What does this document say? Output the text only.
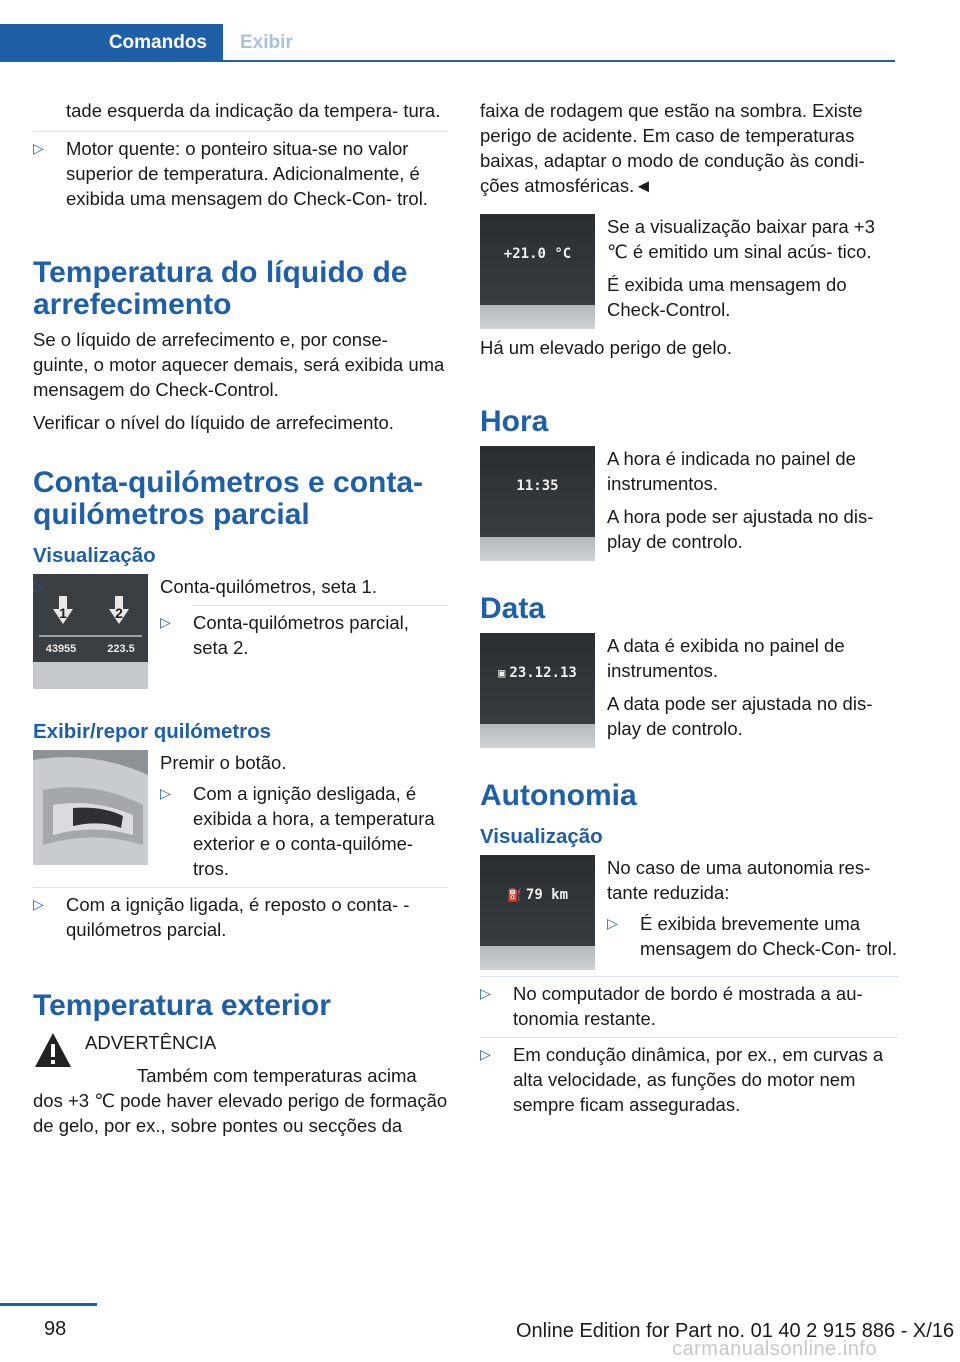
Comandos	Exibir

tade esquerda da indicação da tempera‐ tura.

▷ Motor quente: o ponteiro situa-se no valor superior de temperatura. Adicionalmente, é exibida uma mensagem do Check-Con‐ trol.
Temperatura do líquido de arrefecimento

Se o líquido de arrefecimento e, por conse‐ guinte, o motor aquecer demais, será exibida uma mensagem do Check-Control.

Verificar o nível do líquido de arrefecimento.

Conta-quilómetros e conta- quilómetros parcial
Visualização
1	2
43955	223.5
▷	Conta-quilómetros, seta 1.
▷ Conta-quilómetros parcial, seta 2.
Exibir/repor quilómetros

Premir o botão.

▷ Com a ignição desligada, é exibida a hora, a temperatura exterior e o conta-quilóme‐ tros.
▷ Com a ignição ligada, é reposto o conta- -quilómetros parcial.
Temperatura exterior

ADVERTÊNCIA

Também com temperaturas acima dos +3 ℃ pode haver elevado perigo de formação de gelo, por ex., sobre pontes ou secções da

faixa de rodagem que estão na sombra. Existe perigo de acidente. Em caso de temperaturas baixas, adaptar o modo de condução às condi‐ ções atmosféricas.◄

+21.0 °C

Se a visualização baixar para +3 ℃ é emitido um sinal acús‐ tico.

É exibida uma mensagem do Check-Control.

Há um elevado perigo de gelo.

Hora
11:35

A hora é indicada no painel de instrumentos.

A hora pode ser ajustada no dis‐ play de controlo.

Data
▣ 23.12.13

A data é exibida no painel de instrumentos.

A data pode ser ajustada no dis‐ play de controlo.

Autonomia
Visualização
⛽ 79 km

No caso de uma autonomia res‐ tante reduzida:

▷ É exibida brevemente uma mensagem do Check-Con‐ trol.
▷ No computador de bordo é mostrada a au‐ tonomia restante.
▷ Em condução dinâmica, por ex., em curvas a alta velocidade, as funções do motor nem sempre ficam asseguradas.
98	Online Edition for Part no. 01 40 2 915 886 - X/16
carmanualsonline.info
